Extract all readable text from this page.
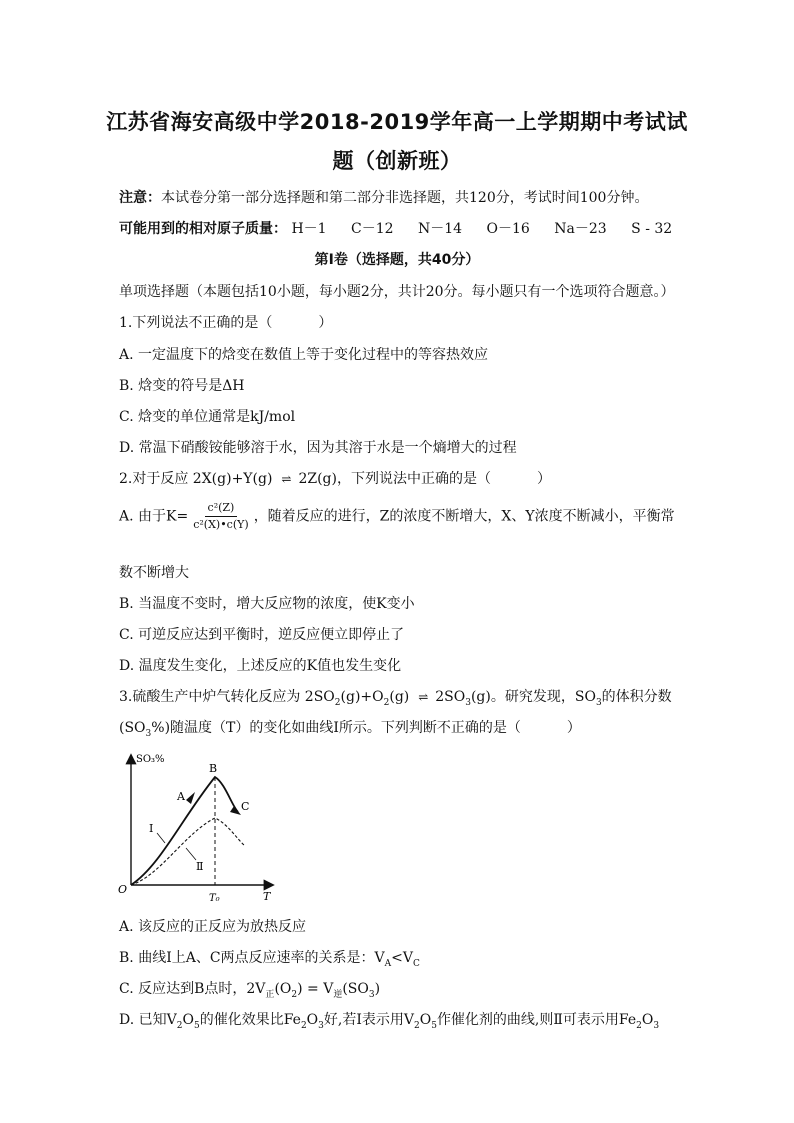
江苏省海安高级中学2018-2019学年高一上学期期中考试试
题（创新班）
注意：本试卷分第一部分选择题和第二部分非选择题，共120分，考试时间100分钟。
可能用到的相对原子质量： H－1 C－12 N－14 O－16 Na－23 S - 32
第Ⅰ卷（选择题，共40分）
单项选择题（本题包括10小题，每小题2分，共计20分。每小题只有一个选项符合题意。）
1.下列说法不正确的是（	）
A. 一定温度下的焓变在数值上等于变化过程中的等容热效应
B. 焓变的符号是ΔH
C. 焓变的单位通常是kJ/mol
D. 常温下硝酸铵能够溶于水，因为其溶于水是一个熵增大的过程
2.对于反应 2X(g)+Y(g) ⇌ 2Z(g)，下列说法中正确的是（	）
A. 由于$K= \frac{\text{c²(Z)}}{\text{c²(X)•c(Y)}}$ ，随着反应的进行，Z的浓度不断增大，X、Y浓度不断减小，平衡常
数不断增大
B. 当温度不变时，增大反应物的浓度，使K变小
C. 可逆反应达到平衡时，逆反应便立即停止了
D. 温度发生变化，上述反应的K值也发生变化
3.硫酸生产中炉气转化反应为 $2SO_2(g)+O_2(g)$ ⇌ $2SO_3(g)$。研究发现，$SO_3$的体积分数
$(SO_3\%)$随温度（T）的变化如曲线Ⅰ所示。下列判断不正确的是（	）
SO₃%
O
T
T₀
A
B
C
Ⅰ
Ⅱ
A. 该反应的正反应为放热反应
B. 曲线Ⅰ上A、C两点反应速率的关系是：$V_A<V_C$
C. 反应达到B点时，$2V_正(O_2) = V_逆(SO_3)$
D. 已知$V_2O_5$的催化效果比$Fe_2O_3$好,若Ⅰ表示用$V_2O_5$作催化剂的曲线,则Ⅱ可表示用$Fe_2O_3$
